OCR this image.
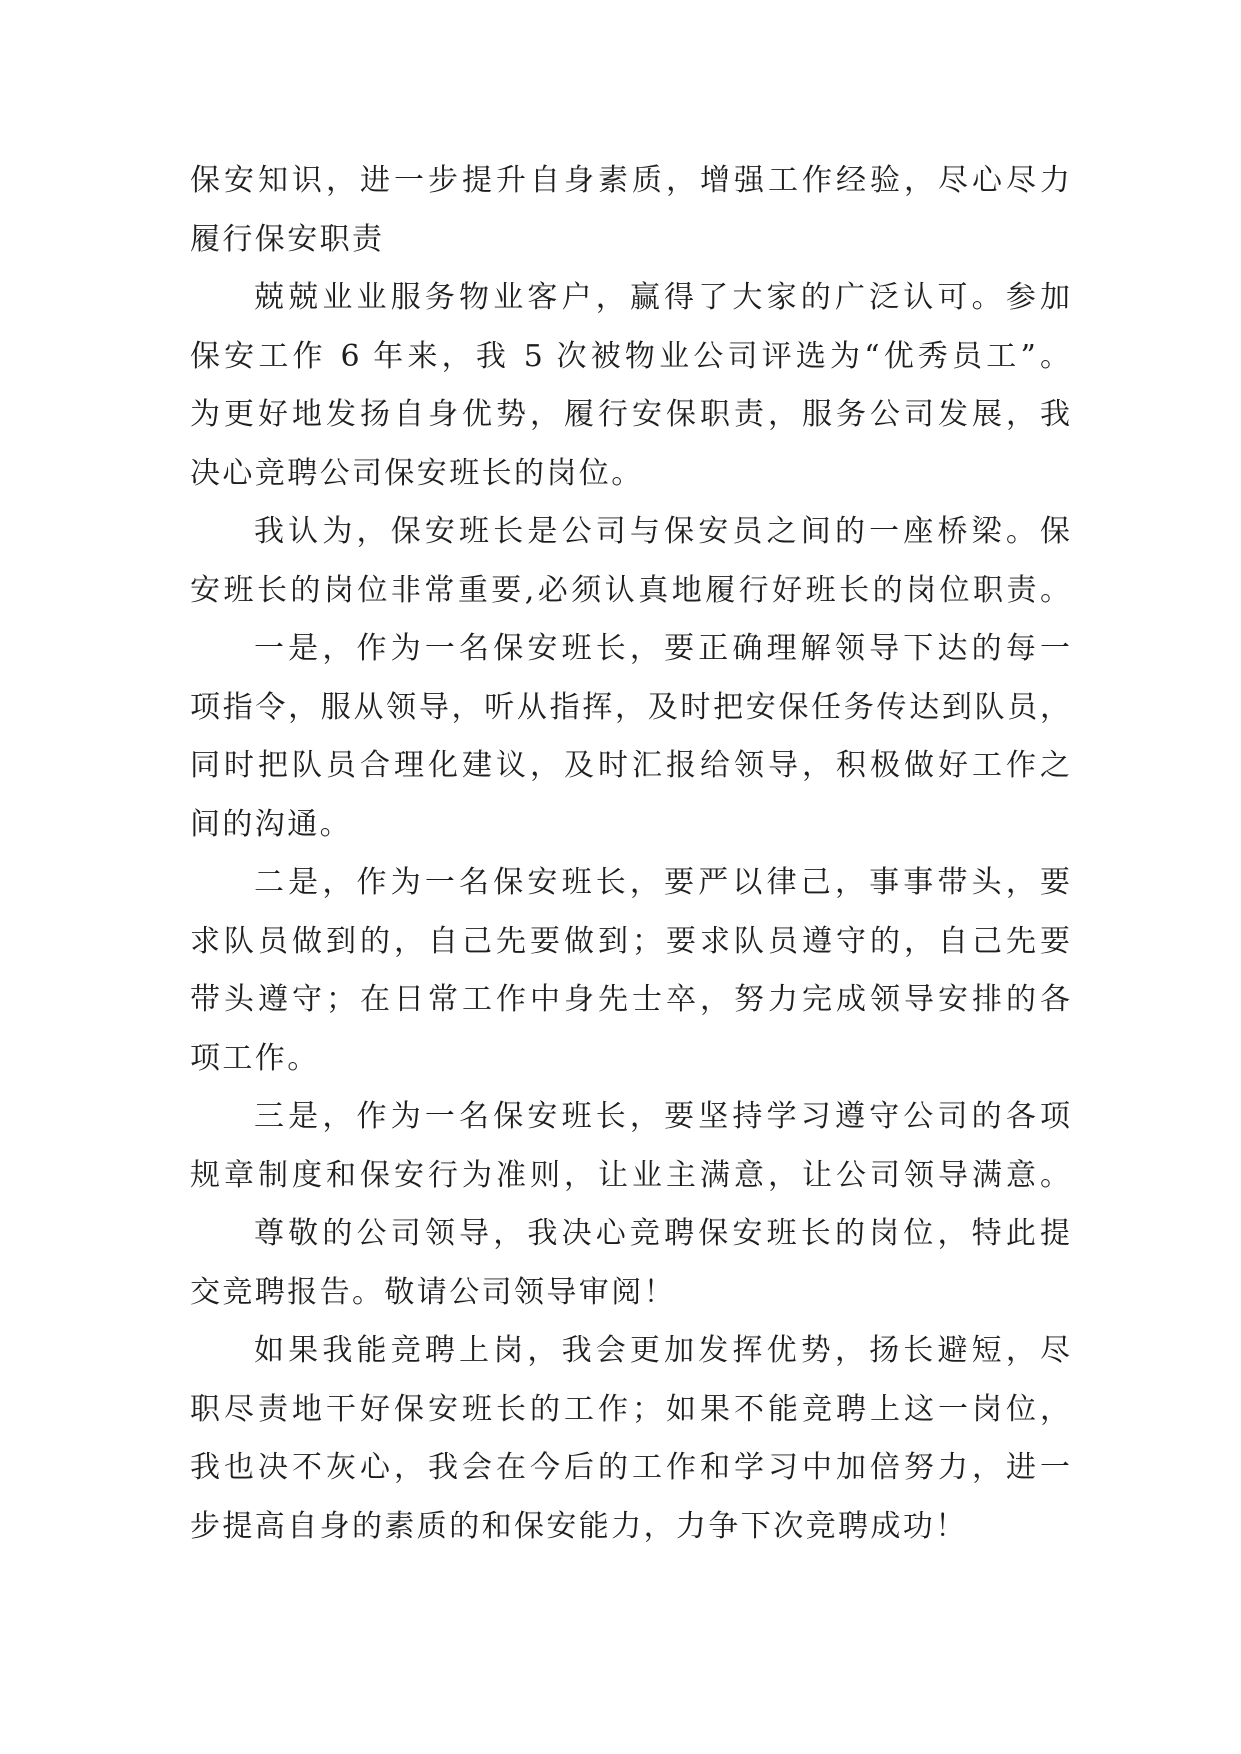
保安知识，进一步提升自身素质，增强工作经验，尽心尽力
履行保安职责
兢兢业业服务物业客户，赢得了大家的广泛认可。参加
保安工作 6 年来，我 5 次被物业公司评选为“优秀员工”。
为更好地发扬自身优势，履行安保职责，服务公司发展，我
决心竞聘公司保安班长的岗位。
我认为，保安班长是公司与保安员之间的一座桥梁。保
安班长的岗位非常重要,必须认真地履行好班长的岗位职责。
一是，作为一名保安班长，要正确理解领导下达的每一
项指令，服从领导，听从指挥，及时把安保任务传达到队员，
同时把队员合理化建议，及时汇报给领导，积极做好工作之
间的沟通。
二是，作为一名保安班长，要严以律己，事事带头，要
求队员做到的，自己先要做到；要求队员遵守的，自己先要
带头遵守；在日常工作中身先士卒，努力完成领导安排的各
项工作。
三是，作为一名保安班长，要坚持学习遵守公司的各项
规章制度和保安行为准则，让业主满意，让公司领导满意。
尊敬的公司领导，我决心竞聘保安班长的岗位，特此提
交竞聘报告。敬请公司领导审阅！
如果我能竞聘上岗，我会更加发挥优势，扬长避短，尽
职尽责地干好保安班长的工作；如果不能竞聘上这一岗位，
我也决不灰心，我会在今后的工作和学习中加倍努力，进一
步提高自身的素质的和保安能力，力争下次竞聘成功！
